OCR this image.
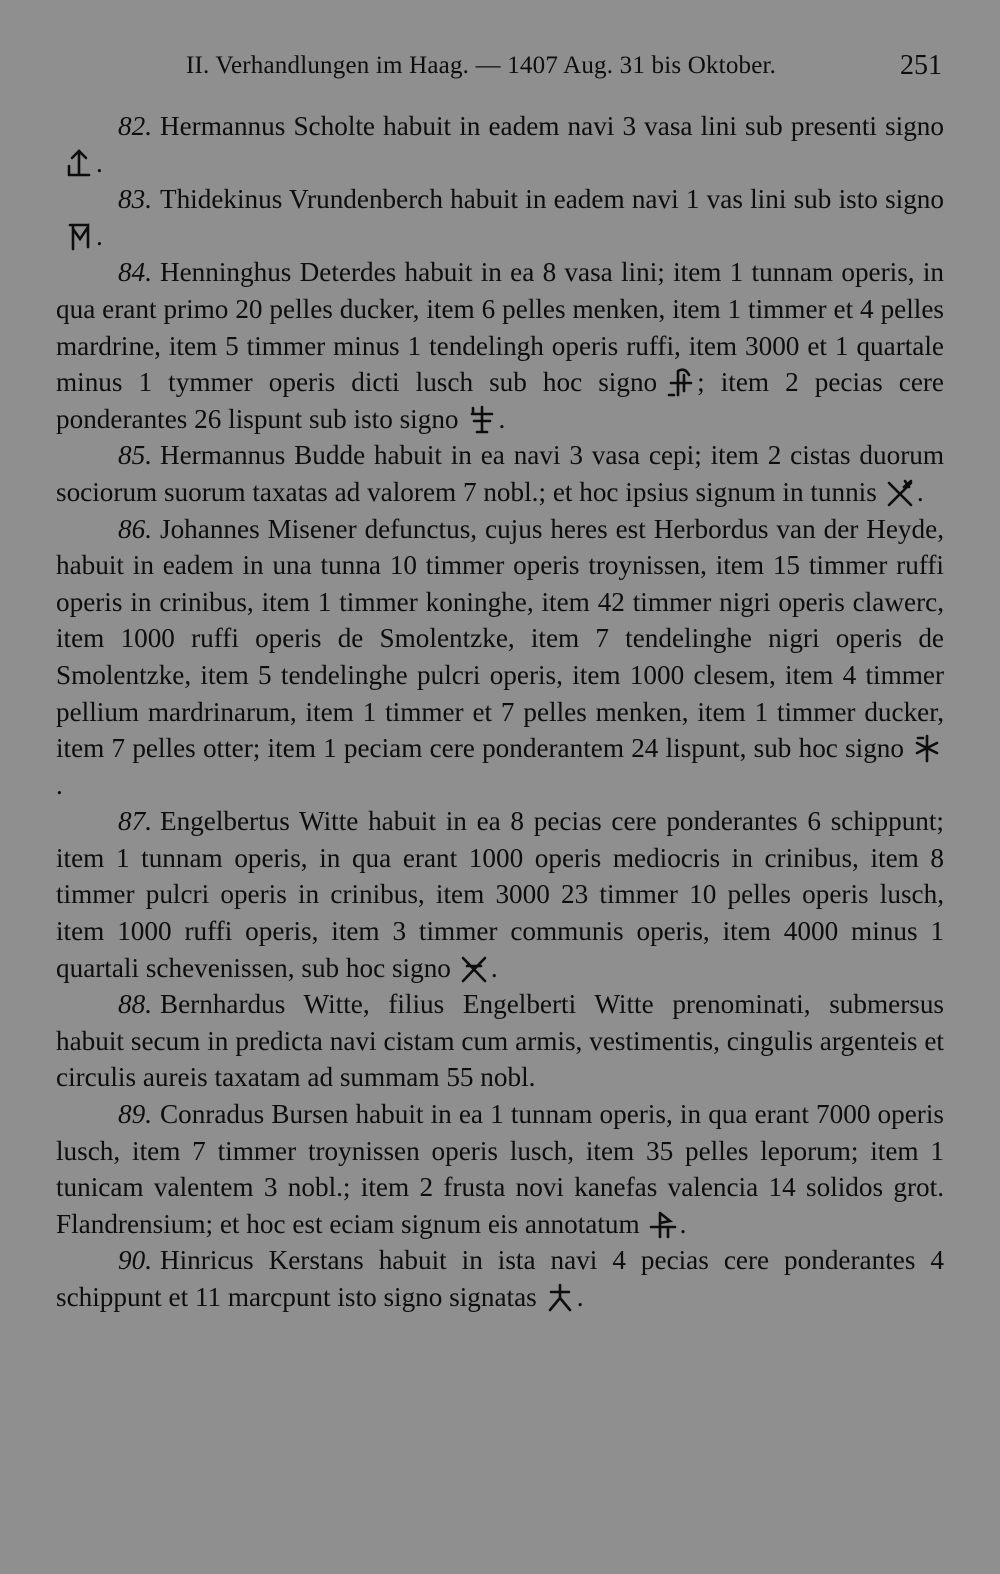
II. Verhandlungen im Haag. — 1407 Aug. 31 bis Oktober.	251

82. Hermannus Scholte habuit in eadem navi 3 vasa lini sub presenti signo
.

83. Thidekinus Vrundenberch habuit in eadem navi 1 vas lini sub isto signo
.

84. Henninghus Deterdes habuit in ea 8 vasa lini; item 1 tunnam operis, in qua erant primo 20 pelles ducker, item 6 pelles menken, item 1 timmer et 4 pelles mardrine, item 5 timmer minus 1 tendelingh operis ruffi, item 3000 et 1 quartale minus 1 tymmer operis dicti lusch sub hoc signo ; item 2 pecias cere ponderantes 26 lispunt sub isto signo .

85. Hermannus Budde habuit in ea navi 3 vasa cepi; item 2 cistas duorum sociorum suorum taxatas ad valorem 7 nobl.; et hoc ipsius signum in tunnis .

86. Johannes Misener defunctus, cujus heres est Herbordus van der Heyde, habuit in eadem in una tunna 10 timmer operis troynissen, item 15 timmer ruffi operis in crinibus, item 1 timmer koninghe, item 42 timmer nigri operis clawerc, item 1000 ruffi operis de Smolentzke, item 7 tendelinghe nigri operis de Smolentzke, item 5 tendelinghe pulcri operis, item 1000 clesem, item 4 timmer pellium mardrinarum, item 1 timmer et 7 pelles menken, item 1 timmer ducker, item 7 pelles otter; item 1 peciam cere ponderantem 24 lispunt, sub hoc signo
.

87. Engelbertus Witte habuit in ea 8 pecias cere ponderantes 6 schippunt; item 1 tunnam operis, in qua erant 1000 operis mediocris in crinibus, item 8 timmer pulcri operis in crinibus, item 3000 23 timmer 10 pelles operis lusch, item 1000 ruffi operis, item 3 timmer communis operis, item 4000 minus 1 quartali schevenissen, sub hoc signo .

88. Bernhardus Witte, filius Engelberti Witte prenominati, submersus habuit secum in predicta navi cistam cum armis, vestimentis, cingulis argenteis et circulis aureis taxatam ad summam 55 nobl.

89. Conradus Bursen habuit in ea 1 tunnam operis, in qua erant 7000 operis lusch, item 7 timmer troynissen operis lusch, item 35 pelles leporum; item 1 tunicam valentem 3 nobl.; item 2 frusta novi kanefas valencia 14 solidos grot. Flandrensium; et hoc est eciam signum eis annotatum .

90. Hinricus Kerstans habuit in ista navi 4 pecias cere ponderantes 4 schippunt et 11 marcpunt isto signo signatas .
